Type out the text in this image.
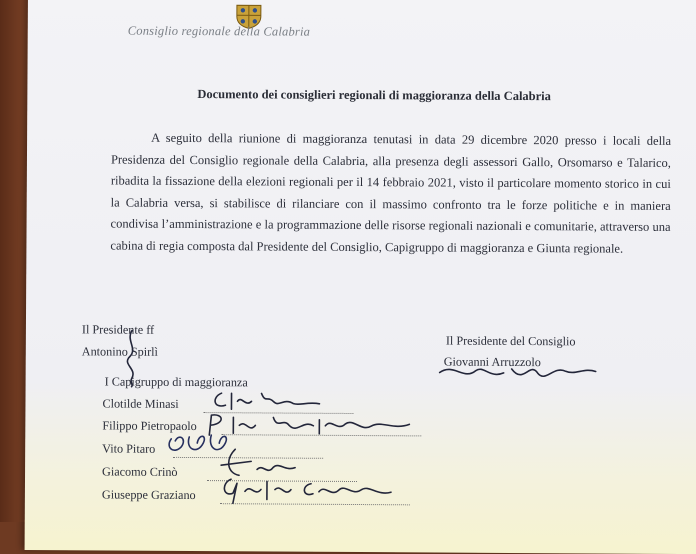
Consiglio regionale della Calabria
Documento dei consiglieri regionali di maggioranza della Calabria
A seguito della riunione di maggioranza tenutasi in data 29 dicembre 2020 presso i locali della Presidenza del Consiglio regionale della Calabria, alla presenza degli assessori Gallo, Orsomarso e Talarico, ribadita la fissazione della elezioni regionali per il 14 febbraio 2021, visto il particolare momento storico in cui la Calabria versa, si stabilisce di rilanciare con il massimo confronto tra le forze politiche e in maniera condivisa l’amministrazione e la programmazione delle risorse regionali nazionali e comunitarie, attraverso una cabina di regia composta dal Presidente del Consiglio, Capigruppo di maggioranza e Giunta regionale.
Il Presidente ff
Antonino Spirlì
Il Presidente del Consiglio
Giovanni Arruzzolo
I Capigruppo di maggioranza
Clotilde Minasi
Filippo Pietropaolo
Vito Pitaro
Giacomo Crinò
Giuseppe Graziano
